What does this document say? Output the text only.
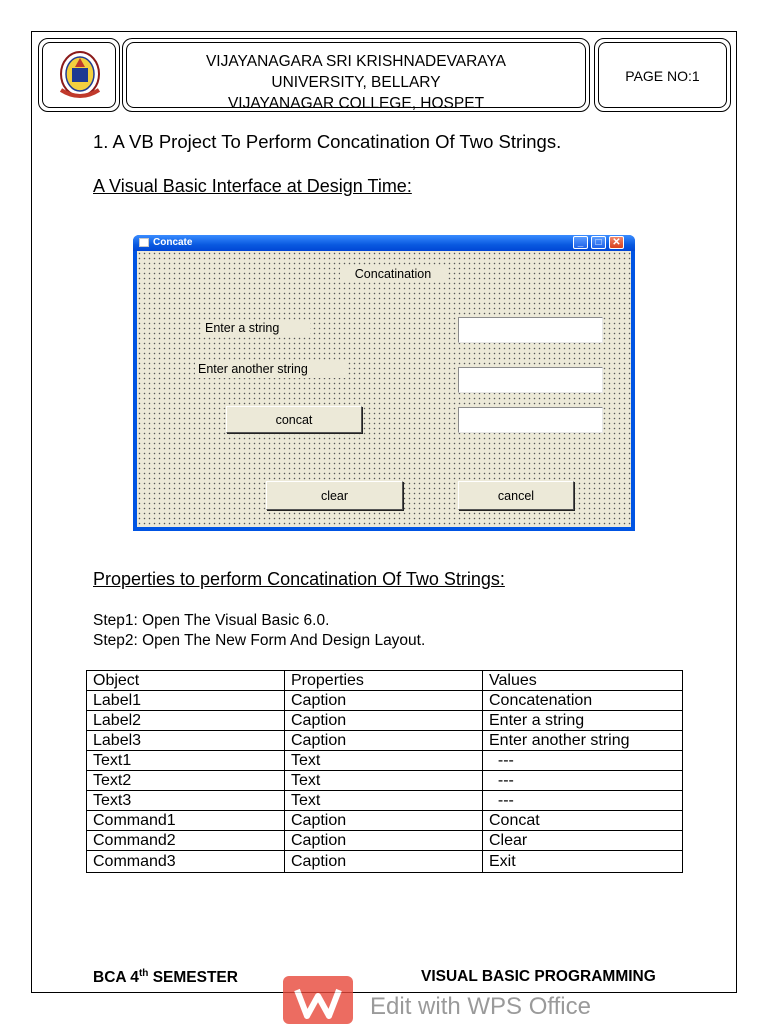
VIJAYANAGARA SRI KRISHNADEVARAYA
UNIVERSITY, BELLARY
VIJAYANAGAR COLLEGE, HOSPET
PAGE NO:1
1. A VB Project To Perform Concatination Of Two Strings.
A Visual Basic Interface at Design Time:
Concate	_	□	✕
Concatination
Enter a string
Enter another string
concat
clear	cancel
Properties to perform Concatination Of Two Strings:
Step1: Open The Visual Basic 6.0.
Step2: Open The New Form And Design Layout.
Object	Properties	Values
Label1	Caption	Concatenation
Label2	Caption	Enter a string
Label3	Caption	Enter another string
Text1	Text	---
Text2	Text	---
Text3	Text	---
Command1	Caption	Concat
Command2	Caption	Clear
Command3	Caption	Exit
BCA 4th SEMESTER	VISUAL BASIC PROGRAMMING
Edit with WPS Office
